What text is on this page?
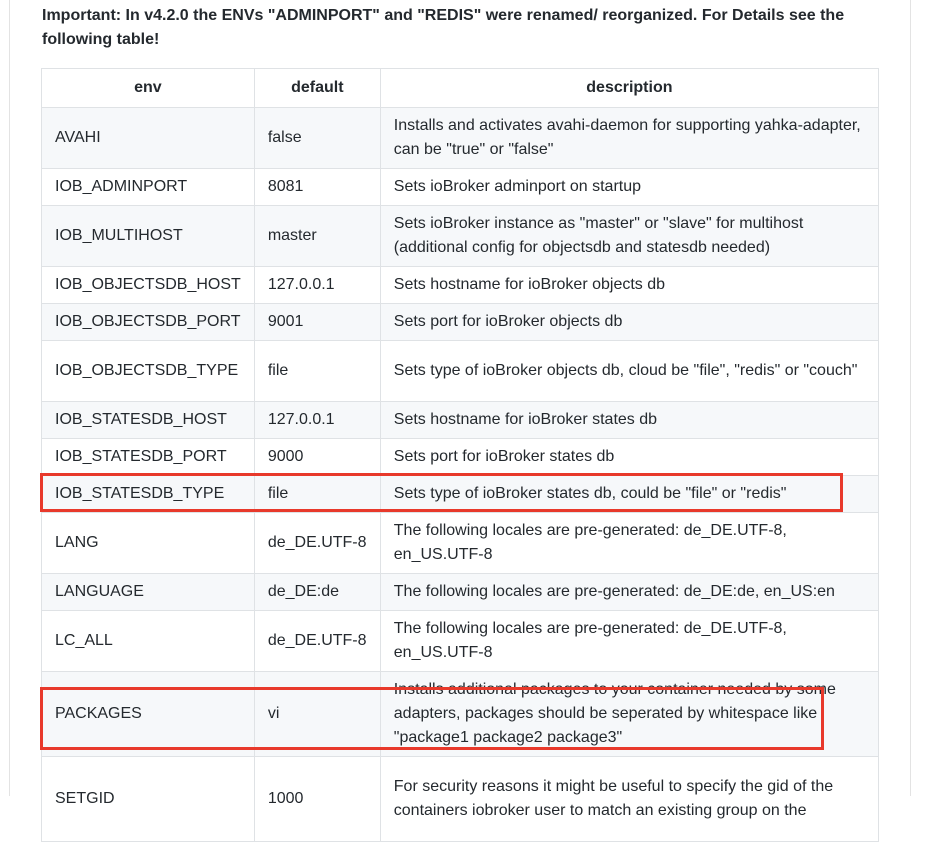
Important: In v4.2.0 the ENVs "ADMINPORT" and "REDIS" were renamed/ reorganized. For Details see the following table!

env	default	description
AVAHI	false	Installs and activates avahi-daemon for supporting yahka-adapter, can be "true" or "false"
IOB_ADMINPORT	8081	Sets ioBroker adminport on startup
IOB_MULTIHOST	master	Sets ioBroker instance as "master" or "slave" for multihost (additional config for objectsdb and statesdb needed)
IOB_OBJECTSDB_HOST	127.0.0.1	Sets hostname for ioBroker objects db
IOB_OBJECTSDB_PORT	9001	Sets port for ioBroker objects db
IOB_OBJECTSDB_TYPE	file	Sets type of ioBroker objects db, cloud be "file", "redis" or "couch"
IOB_STATESDB_HOST	127.0.0.1	Sets hostname for ioBroker states db
IOB_STATESDB_PORT	9000	Sets port for ioBroker states db
IOB_STATESDB_TYPE	file	Sets type of ioBroker states db, could be "file" or "redis"
LANG	de_DE.UTF-8	The following locales are pre-generated: de_DE.UTF-8, en_US.UTF-8
LANGUAGE	de_DE:de	The following locales are pre-generated: de_DE:de, en_US:en
LC_ALL	de_DE.UTF-8	The following locales are pre-generated: de_DE.UTF-8, en_US.UTF-8
PACKAGES	vi	Installs additional packages to your container needed by some adapters, packages should be seperated by whitespace like "package1 package2 package3"
SETGID	1000	For security reasons it might be useful to specify the gid of the containers iobroker user to match an existing group on the
